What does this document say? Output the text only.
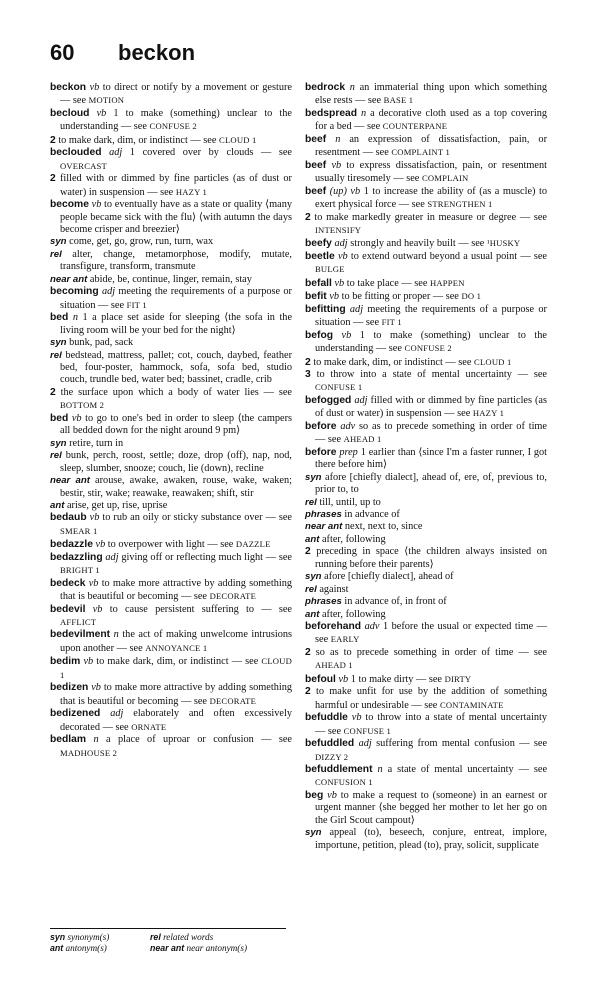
60 beckon
beckon vb to direct or notify by a movement or gesture — see MOTION
becloud vb 1 to make (something) unclear to the understanding — see CONFUSE 2
2 to make dark, dim, or indistinct — see CLOUD 1
beclouded adj 1 covered over by clouds — see OVERCAST
2 filled with or dimmed by fine particles (as of dust or water) in suspension — see HAZY 1
become vb to eventually have as a state or quality ⟨many people became sick with the flu⟩ ⟨with autumn the days become crisper and breezier⟩
syn come, get, go, grow, run, turn, wax
rel alter, change, metamorphose, modify, mutate, transfigure, transform, transmute
near ant abide, be, continue, linger, remain, stay
becoming adj meeting the requirements of a purpose or situation — see FIT 1
bed n 1 a place set aside for sleeping ⟨the sofa in the living room will be your bed for the night⟩
syn bunk, pad, sack
rel bedstead, mattress, pallet; cot, couch, daybed, feather bed, four-poster, hammock, sofa, sofa bed, studio couch, trundle bed, water bed; bassinet, cradle, crib
2 the surface upon which a body of water lies — see BOTTOM 2
bed vb to go to one's bed in order to sleep ⟨the campers all bedded down for the night around 9 pm⟩
syn retire, turn in
rel bunk, perch, roost, settle; doze, drop (off), nap, nod, sleep, slumber, snooze; couch, lie (down), recline
near ant arouse, awake, awaken, rouse, wake, waken; bestir, stir, wake; reawake, reawaken; shift, stir
ant arise, get up, rise, uprise
bedaub vb to rub an oily or sticky substance over — see SMEAR 1
bedazzle vb to overpower with light — see DAZZLE
bedazzling adj giving off or reflecting much light — see BRIGHT 1
bedeck vb to make more attractive by adding something that is beautiful or becoming — see DECORATE
bedevil vb to cause persistent suffering to — see AFFLICT
bedevilment n the act of making unwelcome intrusions upon another — see ANNOYANCE 1
bedim vb to make dark, dim, or indistinct — see CLOUD 1
bedizen vb to make more attractive by adding something that is beautiful or becoming — see DECORATE
bedizened adj elaborately and often excessively decorated — see ORNATE
bedlam n a place of uproar or confusion — see MADHOUSE 2
bedrock n an immaterial thing upon which something else rests — see BASE 1
bedspread n a decorative cloth used as a top covering for a bed — see COUNTERPANE
beef n an expression of dissatisfaction, pain, or resentment — see COMPLAINT 1
beef vb to express dissatisfaction, pain, or resentment usually tiresomely — see COMPLAIN
beef (up) vb 1 to increase the ability of (as a muscle) to exert physical force — see STRENGTHEN 1
2 to make markedly greater in measure or degree — see INTENSIFY
beefy adj strongly and heavily built — see ¹HUSKY
beetle vb to extend outward beyond a usual point — see BULGE
befall vb to take place — see HAPPEN
befit vb to be fitting or proper — see DO 1
befitting adj meeting the requirements of a purpose or situation — see FIT 1
befog vb 1 to make (something) unclear to the understanding — see CONFUSE 2
2 to make dark, dim, or indistinct — see CLOUD 1
3 to throw into a state of mental uncertainty — see CONFUSE 1
befogged adj filled with or dimmed by fine particles (as of dust or water) in suspension — see HAZY 1
before adv so as to precede something in order of time — see AHEAD 1
before prep 1 earlier than ⟨since I'm a faster runner, I got there before him⟩
syn afore [chiefly dialect], ahead of, ere, of, previous to, prior to, to
rel till, until, up to
phrases in advance of
near ant next, next to, since
ant after, following
2 preceding in space ⟨the children always insisted on running before their parents⟩
syn afore [chiefly dialect], ahead of
rel against
phrases in advance of, in front of
ant after, following
beforehand adv 1 before the usual or expected time — see EARLY
2 so as to precede something in order of time — see AHEAD 1
befoul vb 1 to make dirty — see DIRTY
2 to make unfit for use by the addition of something harmful or undesirable — see CONTAMINATE
befuddle vb to throw into a state of mental uncertainty — see CONFUSE 1
befuddled adj suffering from mental confusion — see DIZZY 2
befuddlement n a state of mental uncertainty — see CONFUSION 1
beg vb to make a request to (someone) in an earnest or urgent manner ⟨she begged her mother to let her go on the Girl Scout campout⟩
syn appeal (to), beseech, conjure, entreat, implore, importune, petition, plead (to), pray, solicit, supplicate
syn synonym(s)	rel related words
ant antonym(s)	near ant near antonym(s)
